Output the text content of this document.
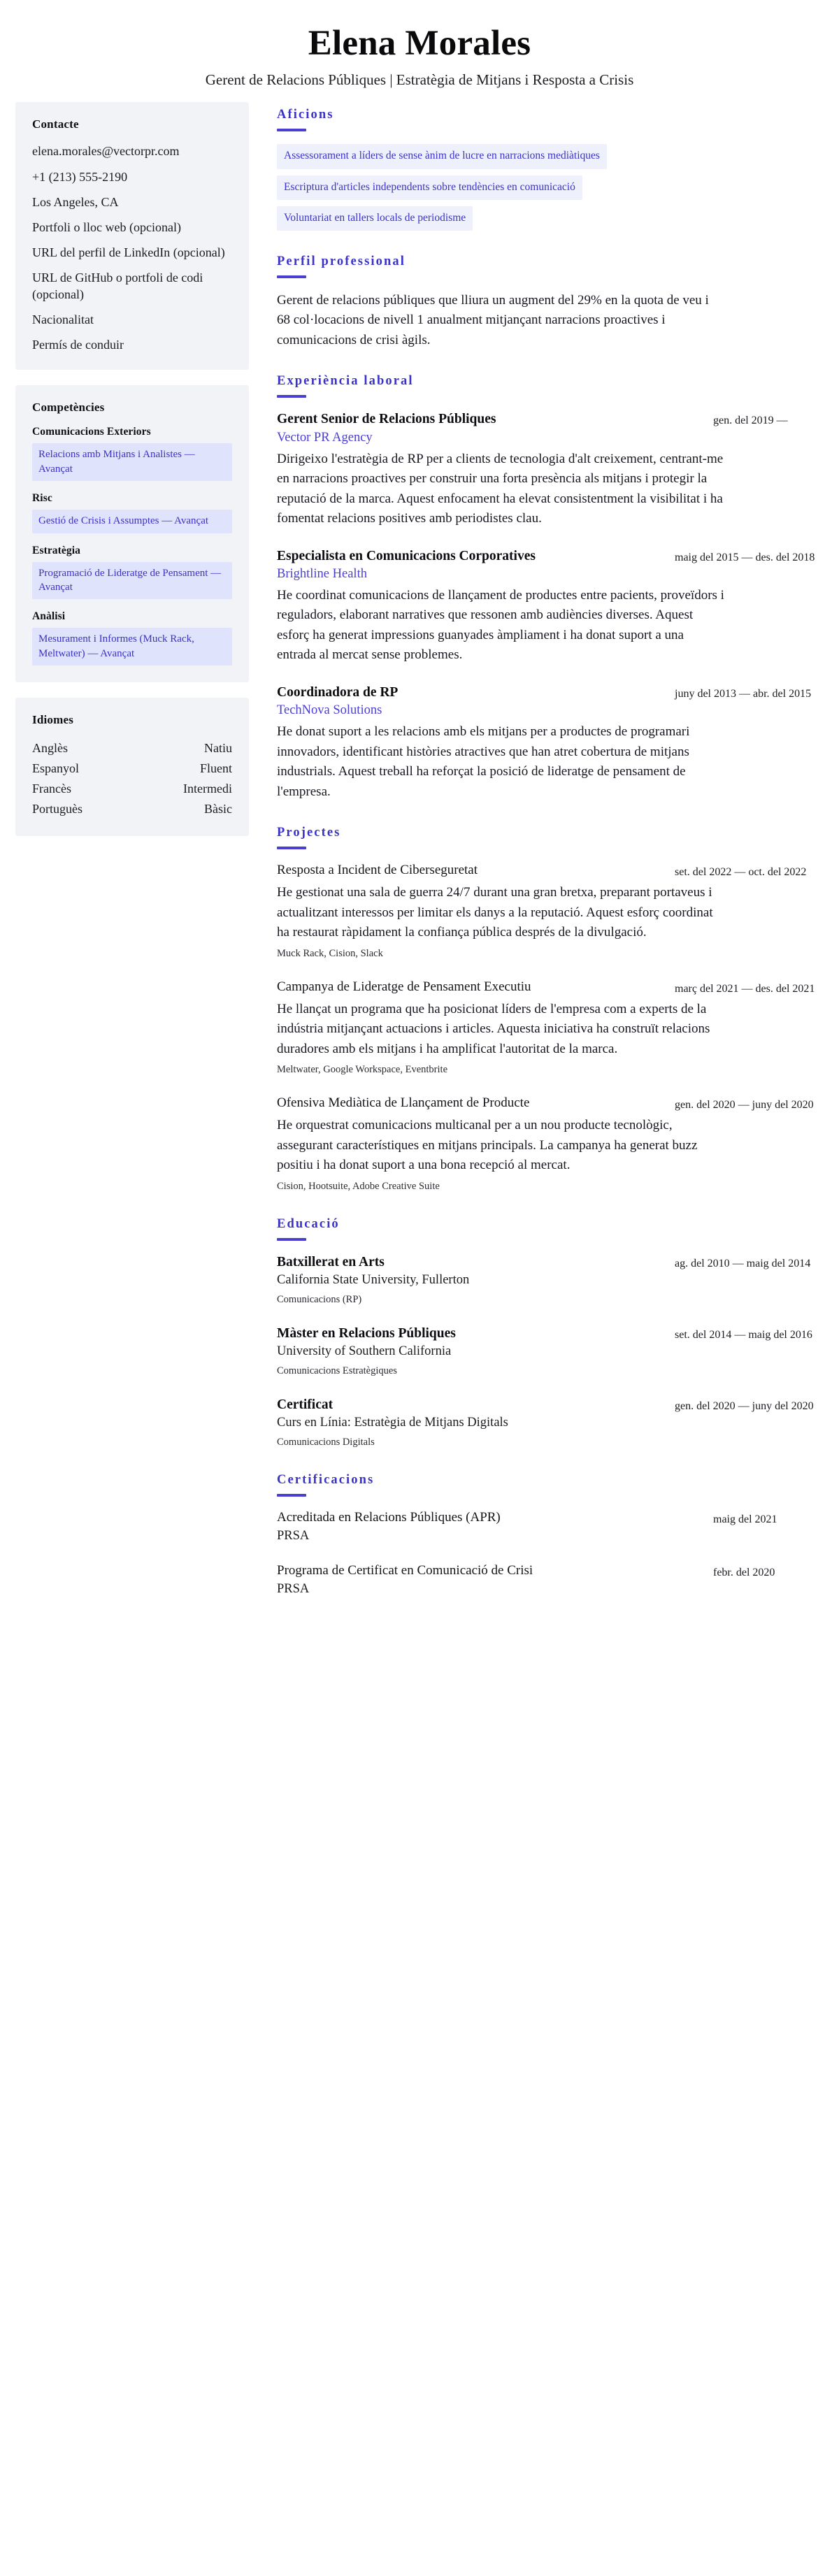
Elena Morales

Gerent de Relacions Públiques | Estratègia de Mitjans i Resposta a Crisis

Contacte
elena.morales@vectorpr.com
+1 (213) 555-2190
Los Angeles, CA
Portfoli o lloc web (opcional)
URL del perfil de LinkedIn (opcional)
URL de GitHub o portfoli de codi (opcional)
Nacionalitat
Permís de conduir
Competències
Comunicacions Exteriors
Relacions amb Mitjans i Analistes — Avançat
Risc
Gestió de Crisis i Assumptes — Avançat
Estratègia
Programació de Lideratge de Pensament — Avançat
Anàlisi
Mesurament i Informes (Muck Rack, Meltwater) — Avançat
Idiomes
Anglès	Natiu
Espanyol	Fluent
Francès	Intermedi
Portuguès	Bàsic
Aficions
Assessorament a líders de sense ànim de lucre en narracions mediàtiques
Escriptura d'articles independents sobre tendències en comunicació
Voluntariat en tallers locals de periodisme
Perfil professional

Gerent de relacions públiques que lliura un augment del 29% en la quota de veu i 68 col·locacions de nivell 1 anualment mitjançant narracions proactives i comunicacions de crisi àgils.

Experiència laboral
Gerent Senior de Relacions Públiques

Vector PR Agency

gen. del 2019 —

Dirigeixo l'estratègia de RP per a clients de tecnologia d'alt creixement, centrant-me en narracions proactives per construir una forta presència als mitjans i protegir la reputació de la marca. Aquest enfocament ha elevat consistentment la visibilitat i ha fomentat relacions positives amb periodistes clau.

Especialista en Comunicacions Corporatives

Brightline Health

maig del 2015 — des. del 2018

He coordinat comunicacions de llançament de productes entre pacients, proveïdors i reguladors, elaborant narratives que ressonen amb audiències diverses. Aquest esforç ha generat impressions guanyades àmpliament i ha donat suport a una entrada al mercat sense problemes.

Coordinadora de RP

TechNova Solutions

juny del 2013 — abr. del 2015

He donat suport a les relacions amb els mitjans per a productes de programari innovadors, identificant històries atractives que han atret cobertura de mitjans industrials. Aquest treball ha reforçat la posició de lideratge de pensament de l'empresa.

Projectes
Resposta a Incident de Ciberseguretat	set. del 2022 — oct. del 2022

He gestionat una sala de guerra 24/7 durant una gran bretxa, preparant portaveus i actualitzant interessos per limitar els danys a la reputació. Aquest esforç coordinat ha restaurat ràpidament la confiança pública després de la divulgació.

Muck Rack, Cision, Slack

Campanya de Lideratge de Pensament Executiu	març del 2021 — des. del 2021

He llançat un programa que ha posicionat líders de l'empresa com a experts de la indústria mitjançant actuacions i articles. Aquesta iniciativa ha construït relacions duradores amb els mitjans i ha amplificat l'autoritat de la marca.

Meltwater, Google Workspace, Eventbrite

Ofensiva Mediàtica de Llançament de Producte	gen. del 2020 — juny del 2020

He orquestrat comunicacions multicanal per a un nou producte tecnològic, assegurant característiques en mitjans principals. La campanya ha generat buzz positiu i ha donat suport a una bona recepció al mercat.

Cision, Hootsuite, Adobe Creative Suite

Educació
Batxillerat en Arts

California State University, Fullerton

Comunicacions (RP)

ag. del 2010 — maig del 2014
Màster en Relacions Públiques

University of Southern California

Comunicacions Estratègiques

set. del 2014 — maig del 2016
Certificat

Curs en Línia: Estratègia de Mitjans Digitals

Comunicacions Digitals

gen. del 2020 — juny del 2020
Certificacions
Acreditada en Relacions Públiques (APR)

PRSA

maig del 2021
Programa de Certificat en Comunicació de Crisi

PRSA

febr. del 2020
